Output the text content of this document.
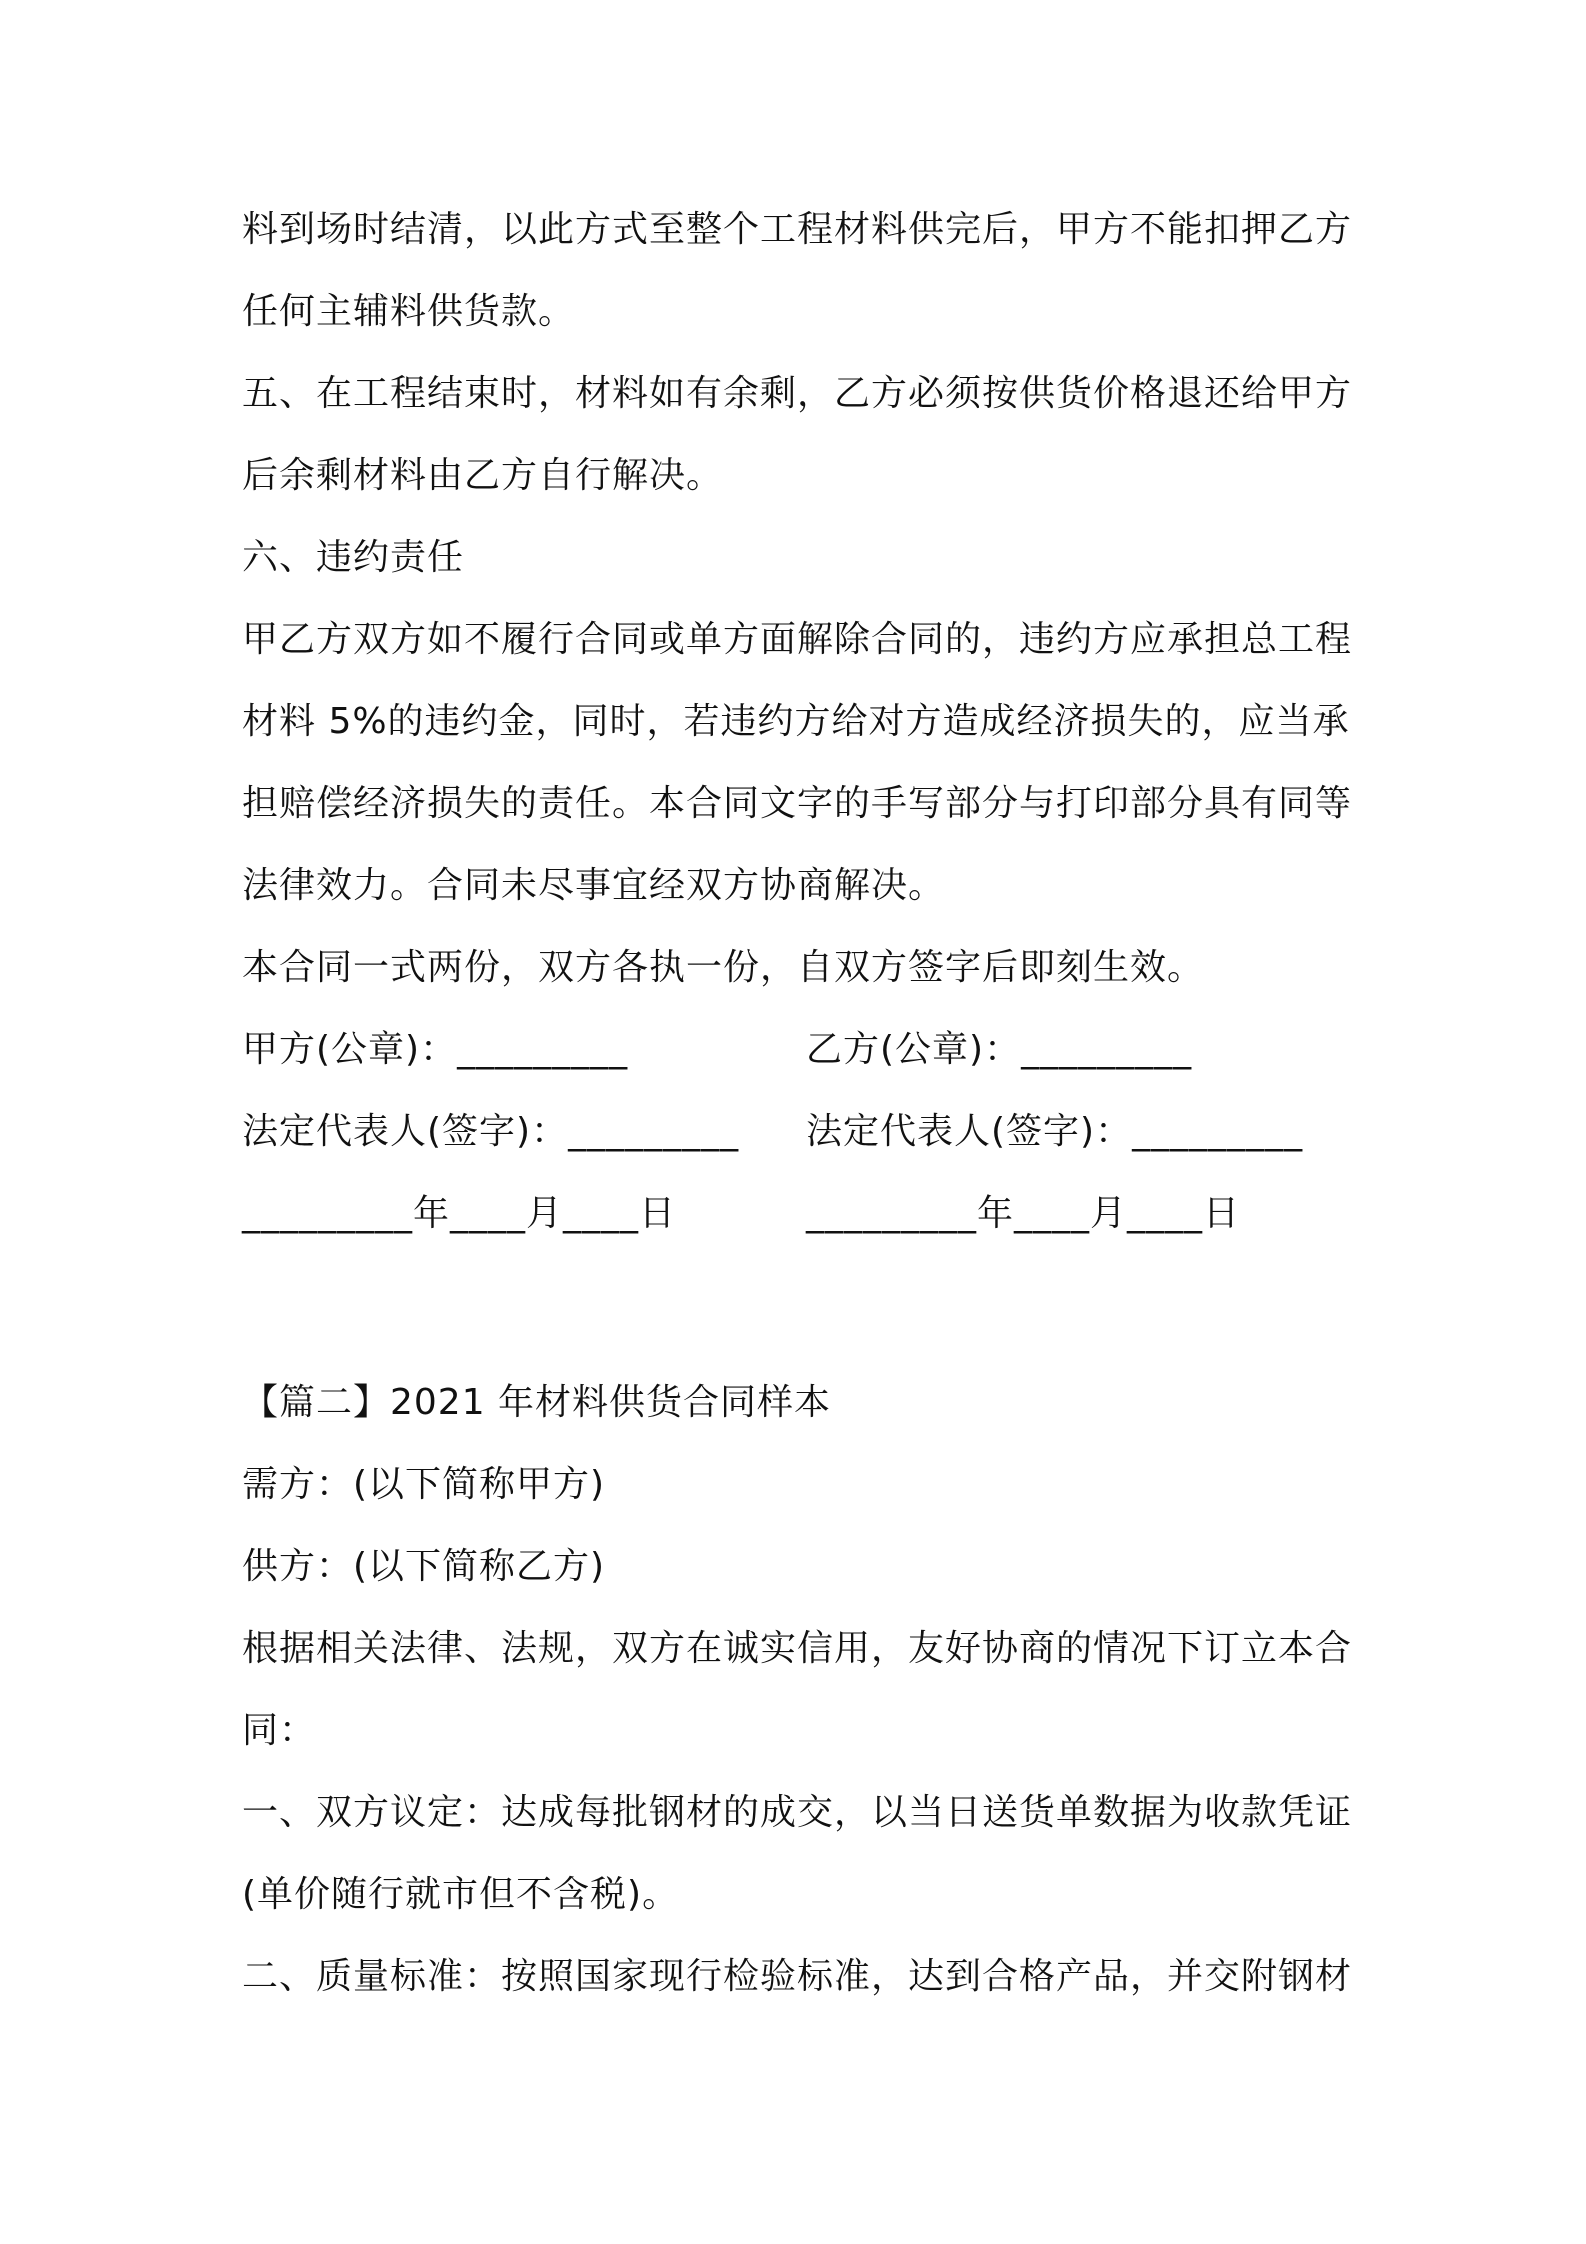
料到场时结清，以此方式至整个工程材料供完后，甲方不能扣押乙方
任何主辅料供货款。
五、在工程结束时，材料如有余剩，乙方必须按供货价格退还给甲方
后余剩材料由乙方自行解决。
六、违约责任
甲乙方双方如不履行合同或单方面解除合同的，违约方应承担总工程
材料 5%的违约金，同时，若违约方给对方造成经济损失的，应当承
担赔偿经济损失的责任。本合同文字的手写部分与打印部分具有同等
法律效力。合同未尽事宜经双方协商解决。
本合同一式两份，双方各执一份，自双方签字后即刻生效。
甲方(公章)：_________	乙方(公章)：_________
法定代表人(签字)：_________ 法定代表人(签字)：_________
_________年____月____日	_________年____月____日
【篇二】2021 年材料供货合同样本
需方：(以下简称甲方)
供方：(以下简称乙方)
根据相关法律、法规，双方在诚实信用，友好协商的情况下订立本合
同：
一、双方议定：达成每批钢材的成交，以当日送货单数据为收款凭证
(单价随行就市但不含税)。
二、质量标准：按照国家现行检验标准，达到合格产品，并交附钢材
